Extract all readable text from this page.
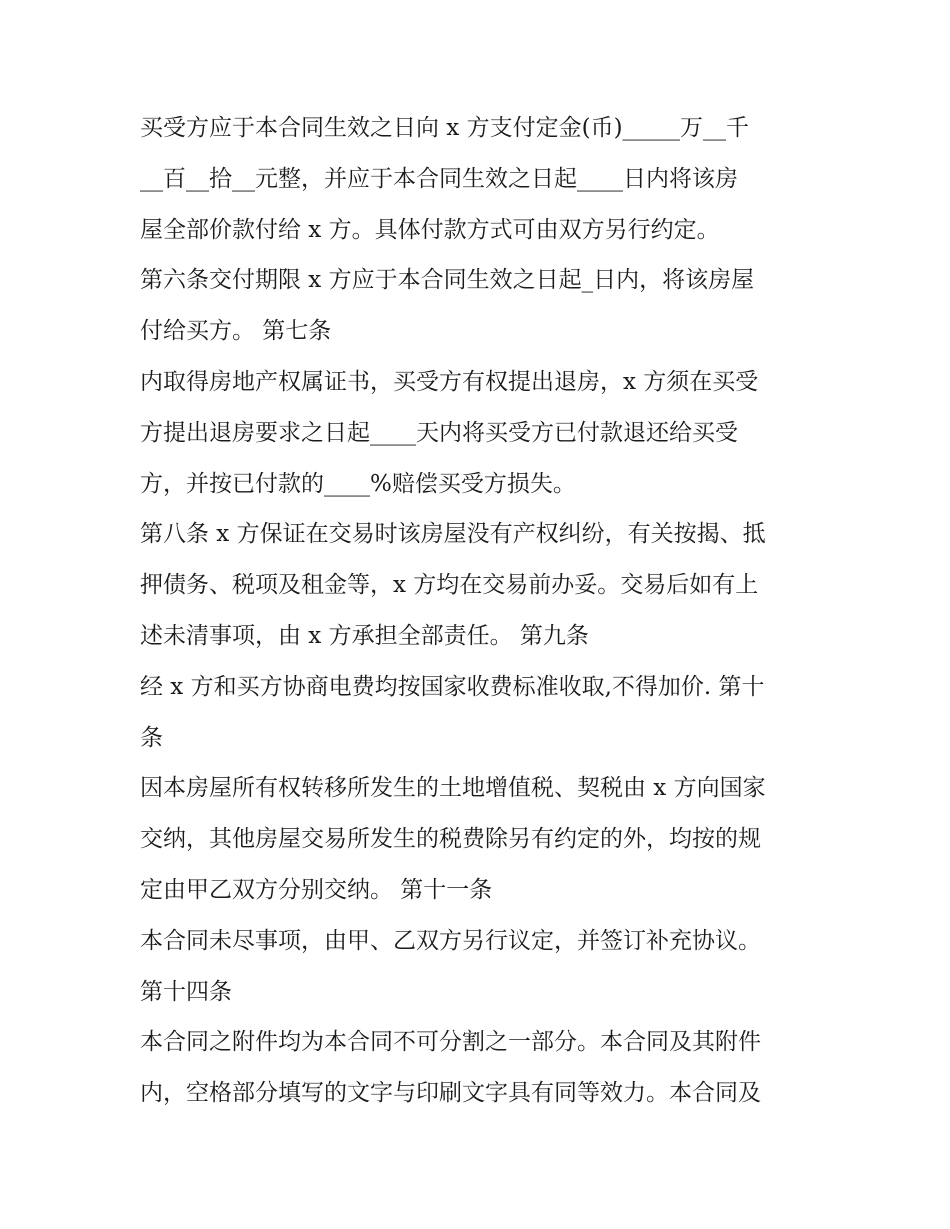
买受方应于本合同生效之日向 x 方支付定金(币)_____万__千
__百__拾__元整，并应于本合同生效之日起____日内将该房
屋全部价款付给 x 方。具体付款方式可由双方另行约定。
第六条交付期限 x 方应于本合同生效之日起_日内，将该房屋
付给买方。 第七条
内取得房地产权属证书，买受方有权提出退房，x 方须在买受
方提出退房要求之日起____天内将买受方已付款退还给买受
方，并按已付款的____%赔偿买受方损失。
第八条 x 方保证在交易时该房屋没有产权纠纷，有关按揭、抵
押债务、税项及租金等，x 方均在交易前办妥。交易后如有上
述未清事项，由 x 方承担全部责任。 第九条
经 x 方和买方协商电费均按国家收费标准收取,不得加价. 第十
条
因本房屋所有权转移所发生的土地增值税、契税由 x 方向国家
交纳，其他房屋交易所发生的税费除另有约定的外，均按的规
定由甲乙双方分别交纳。 第十一条
本合同未尽事项，由甲、乙双方另行议定，并签订补充协议。
第十四条
本合同之附件均为本合同不可分割之一部分。本合同及其附件
内，空格部分填写的文字与印刷文字具有同等效力。本合同及
